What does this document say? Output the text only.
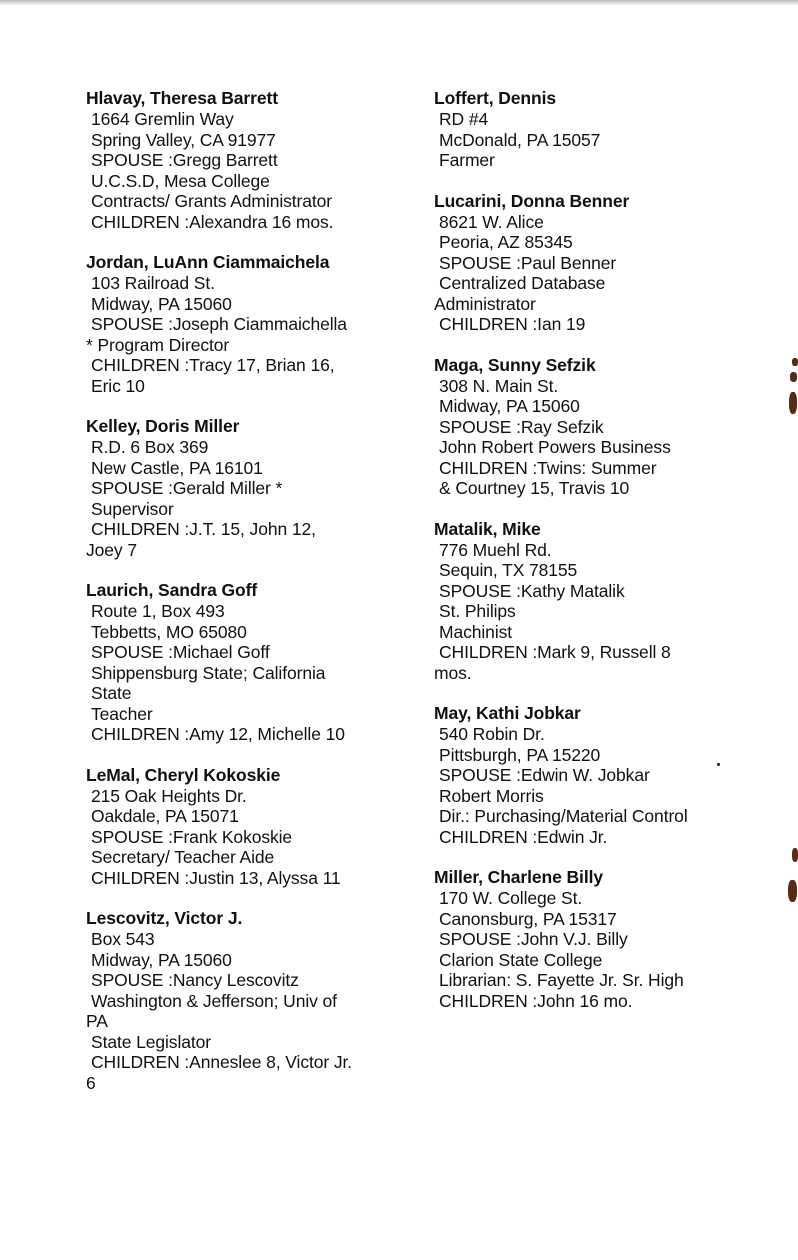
Hlavay, Theresa Barrett
1664 Gremlin Way
Spring Valley, CA 91977
SPOUSE :Gregg Barrett
U.C.S.D, Mesa College
Contracts/ Grants Administrator
CHILDREN :Alexandra 16 mos.
Jordan, LuAnn Ciammaichela
103 Railroad St.
Midway, PA 15060
SPOUSE :Joseph Ciammaichella
* Program Director
CHILDREN :Tracy 17, Brian 16,
Eric 10
Kelley, Doris Miller
R.D. 6 Box 369
New Castle, PA 16101
SPOUSE :Gerald Miller *
Supervisor
CHILDREN :J.T. 15, John 12,
Joey 7
Laurich, Sandra Goff
Route 1, Box 493
Tebbetts, MO 65080
SPOUSE :Michael Goff
Shippensburg State; California
State
Teacher
CHILDREN :Amy 12, Michelle 10
LeMal, Cheryl Kokoskie
215 Oak Heights Dr.
Oakdale, PA 15071
SPOUSE :Frank Kokoskie
Secretary/ Teacher Aide
CHILDREN :Justin 13, Alyssa 11
Lescovitz, Victor J.
Box 543
Midway, PA 15060
SPOUSE :Nancy Lescovitz
Washington & Jefferson; Univ of
PA
State Legislator
CHILDREN :Anneslee 8, Victor Jr.
6
Loffert, Dennis
RD #4
McDonald, PA 15057
Farmer
Lucarini, Donna Benner
8621 W. Alice
Peoria, AZ 85345
SPOUSE :Paul Benner
Centralized Database
Administrator
CHILDREN :Ian 19
Maga, Sunny Sefzik
308 N. Main St.
Midway, PA 15060
SPOUSE :Ray Sefzik
John Robert Powers Business
CHILDREN :Twins: Summer
& Courtney 15, Travis 10
Matalik, Mike
776 Muehl Rd.
Sequin, TX 78155
SPOUSE :Kathy Matalik
St. Philips
Machinist
CHILDREN :Mark 9, Russell 8
mos.
May, Kathi Jobkar
540 Robin Dr.
Pittsburgh, PA 15220
SPOUSE :Edwin W. Jobkar
Robert Morris
Dir.: Purchasing/Material Control
CHILDREN :Edwin Jr.
Miller, Charlene Billy
170 W. College St.
Canonsburg, PA 15317
SPOUSE :John V.J. Billy
Clarion State College
Librarian: S. Fayette Jr. Sr. High
CHILDREN :John 16 mo.
